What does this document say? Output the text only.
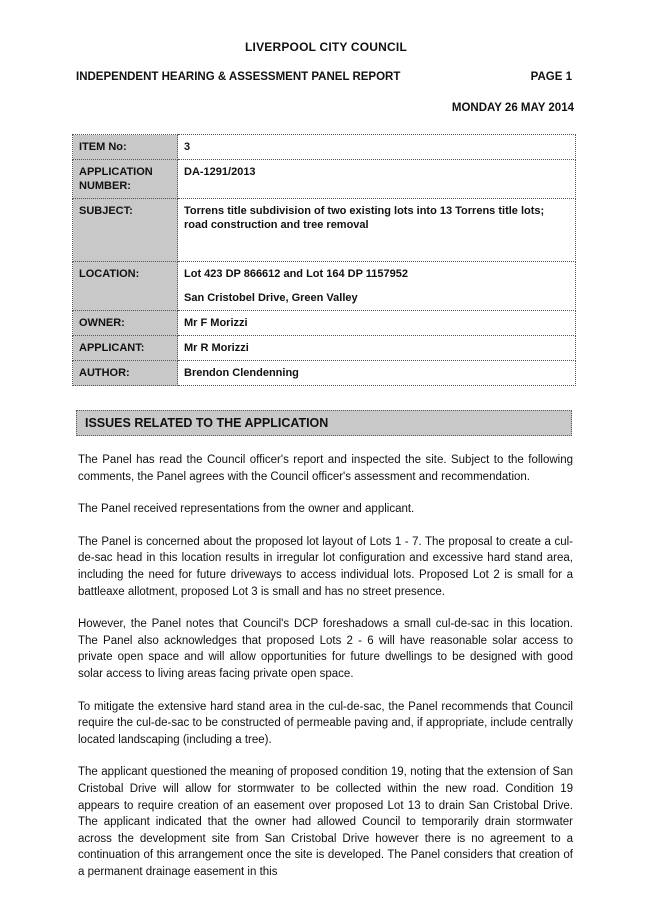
LIVERPOOL CITY COUNCIL
INDEPENDENT HEARING & ASSESSMENT PANEL REPORT	PAGE 1
MONDAY 26 MAY 2014
ITEM No:	3
APPLICATION NUMBER:	DA-1291/2013
SUBJECT:	Torrens title subdivision of two existing lots into 13 Torrens title lots; road construction and tree removal
LOCATION:	Lot 423 DP 866612 and Lot 164 DP 1157952

San Cristobel Drive, Green Valley

OWNER:	Mr F Morizzi
APPLICANT:	Mr R Morizzi
AUTHOR:	Brendon Clendenning
ISSUES RELATED TO THE APPLICATION

The Panel has read the Council officer's report and inspected the site. Subject to the following comments, the Panel agrees with the Council officer's assessment and recommendation.

The Panel received representations from the owner and applicant.

The Panel is concerned about the proposed lot layout of Lots 1 - 7. The proposal to create a cul-de-sac head in this location results in irregular lot configuration and excessive hard stand area, including the need for future driveways to access individual lots. Proposed Lot 2 is small for a battleaxe allotment, proposed Lot 3 is small and has no street presence.

However, the Panel notes that Council's DCP foreshadows a small cul-de-sac in this location. The Panel also acknowledges that proposed Lots 2 - 6 will have reasonable solar access to private open space and will allow opportunities for future dwellings to be designed with good solar access to living areas facing private open space.

To mitigate the extensive hard stand area in the cul-de-sac, the Panel recommends that Council require the cul-de-sac to be constructed of permeable paving and, if appropriate, include centrally located landscaping (including a tree).

The applicant questioned the meaning of proposed condition 19, noting that the extension of San Cristobal Drive will allow for stormwater to be collected within the new road. Condition 19 appears to require creation of an easement over proposed Lot 13 to drain San Cristobal Drive. The applicant indicated that the owner had allowed Council to temporarily drain stormwater across the development site from San Cristobal Drive however there is no agreement to a continuation of this arrangement once the site is developed. The Panel considers that creation of a permanent drainage easement in this
